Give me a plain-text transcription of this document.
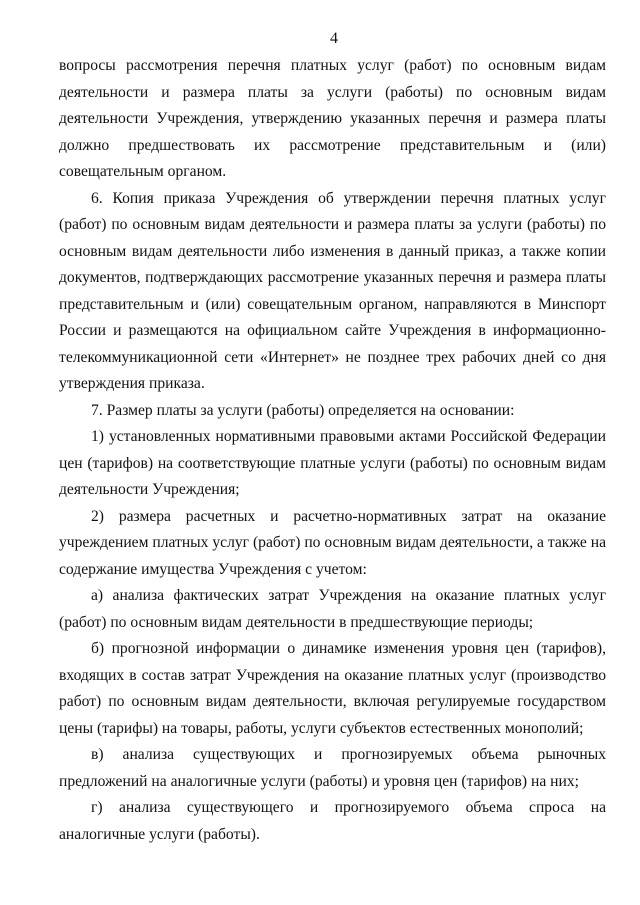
4

вопросы рассмотрения перечня платных услуг (работ) по основным видам деятельности и размера платы за услуги (работы) по основным видам деятельности Учреждения, утверждению указанных перечня и размера платы должно предшествовать их рассмотрение представительным и (или) совещательным органом.

6. Копия приказа Учреждения об утверждении перечня платных услуг (работ) по основным видам деятельности и размера платы за услуги (работы) по основным видам деятельности либо изменения в данный приказ, а также копии документов, подтверждающих рассмотрение указанных перечня и размера платы представительным и (или) совещательным органом, направляются в Минспорт России и размещаются на официальном сайте Учреждения в информационно-телекоммуникационной сети «Интернет» не позднее трех рабочих дней со дня утверждения приказа.

7. Размер платы за услуги (работы) определяется на основании:

1) установленных нормативными правовыми актами Российской Федерации цен (тарифов) на соответствующие платные услуги (работы) по основным видам деятельности Учреждения;

2) размера расчетных и расчетно-нормативных затрат на оказание учреждением платных услуг (работ) по основным видам деятельности, а также на содержание имущества Учреждения с учетом:

а) анализа фактических затрат Учреждения на оказание платных услуг (работ) по основным видам деятельности в предшествующие периоды;

б) прогнозной информации о динамике изменения уровня цен (тарифов), входящих в состав затрат Учреждения на оказание платных услуг (производство работ) по основным видам деятельности, включая регулируемые государством цены (тарифы) на товары, работы, услуги субъектов естественных монополий;

в) анализа существующих и прогнозируемых объема рыночных предложений на аналогичные услуги (работы) и уровня цен (тарифов) на них;

г) анализа существующего и прогнозируемого объема спроса на аналогичные услуги (работы).
